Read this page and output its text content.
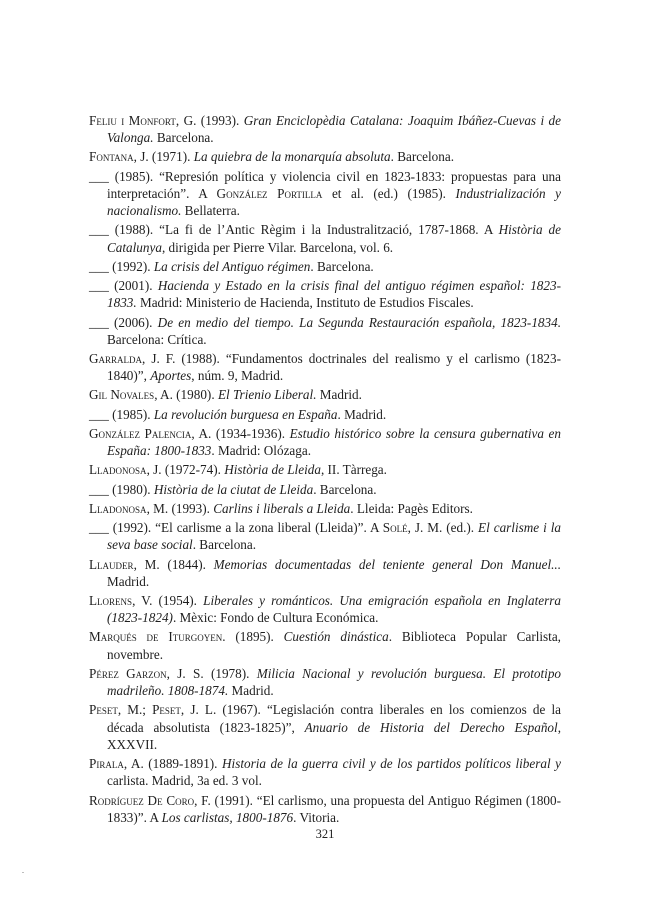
Feliu i Monfort, G. (1993). Gran Enciclopèdia Catalana: Joaquim Ibáñez-Cuevas i de Valonga. Barcelona.

Fontana, J. (1971). La quiebra de la monarquía absoluta. Barcelona.

___ (1985). “Represión política y violencia civil en 1823-1833: propuestas para una interpretación”. A González Portilla et al. (ed.) (1985). Industrialización y nacionalismo. Bellaterra.

___ (1988). “La fi de l’Antic Règim i la Industralització, 1787-1868. A Història de Catalunya, dirigida per Pierre Vilar. Barcelona, vol. 6.

___ (1992). La crisis del Antiguo régimen. Barcelona.

___ (2001). Hacienda y Estado en la crisis final del antiguo régimen español: 1823-1833. Madrid: Ministerio de Hacienda, Instituto de Estudios Fiscales.

___ (2006). De en medio del tiempo. La Segunda Restauración española, 1823-1834. Barcelona: Crítica.

Garralda, J. F. (1988). “Fundamentos doctrinales del realismo y el carlismo (1823-1840)”, Aportes, núm. 9, Madrid.

Gil Novales, A. (1980). El Trienio Liberal. Madrid.

___ (1985). La revolución burguesa en España. Madrid.

González Palencia, A. (1934-1936). Estudio histórico sobre la censura gubernativa en España: 1800-1833. Madrid: Olózaga.

Lladonosa, J. (1972-74). Història de Lleida, II. Tàrrega.

___ (1980). Història de la ciutat de Lleida. Barcelona.

Lladonosa, M. (1993). Carlins i liberals a Lleida. Lleida: Pagès Editors.

___ (1992). “El carlisme a la zona liberal (Lleida)”. A Solé, J. M. (ed.). El carlisme i la seva base social. Barcelona.

Llauder, M. (1844). Memorias documentadas del teniente general Don Manuel... Madrid.

Llorens, V. (1954). Liberales y románticos. Una emigración española en Inglaterra (1823-1824). Mèxic: Fondo de Cultura Económica.

Marqués de Iturgoyen. (1895). Cuestión dinástica. Biblioteca Popular Carlista, novembre.

Pérez Garzon, J. S. (1978). Milicia Nacional y revolución burguesa. El prototipo madrileño. 1808-1874. Madrid.

Peset, M.; Peset, J. L. (1967). “Legislación contra liberales en los comienzos de la década absolutista (1823-1825)”, Anuario de Historia del Derecho Español, XXXVII.

Pirala, A. (1889-1891). Historia de la guerra civil y de los partidos políticos liberal y carlista. Madrid, 3a ed. 3 vol.

Rodríguez De Coro, F. (1991). “El carlismo, una propuesta del Antiguo Régimen (1800-1833)”. A Los carlistas, 1800-1876. Vitoria.

321
.
